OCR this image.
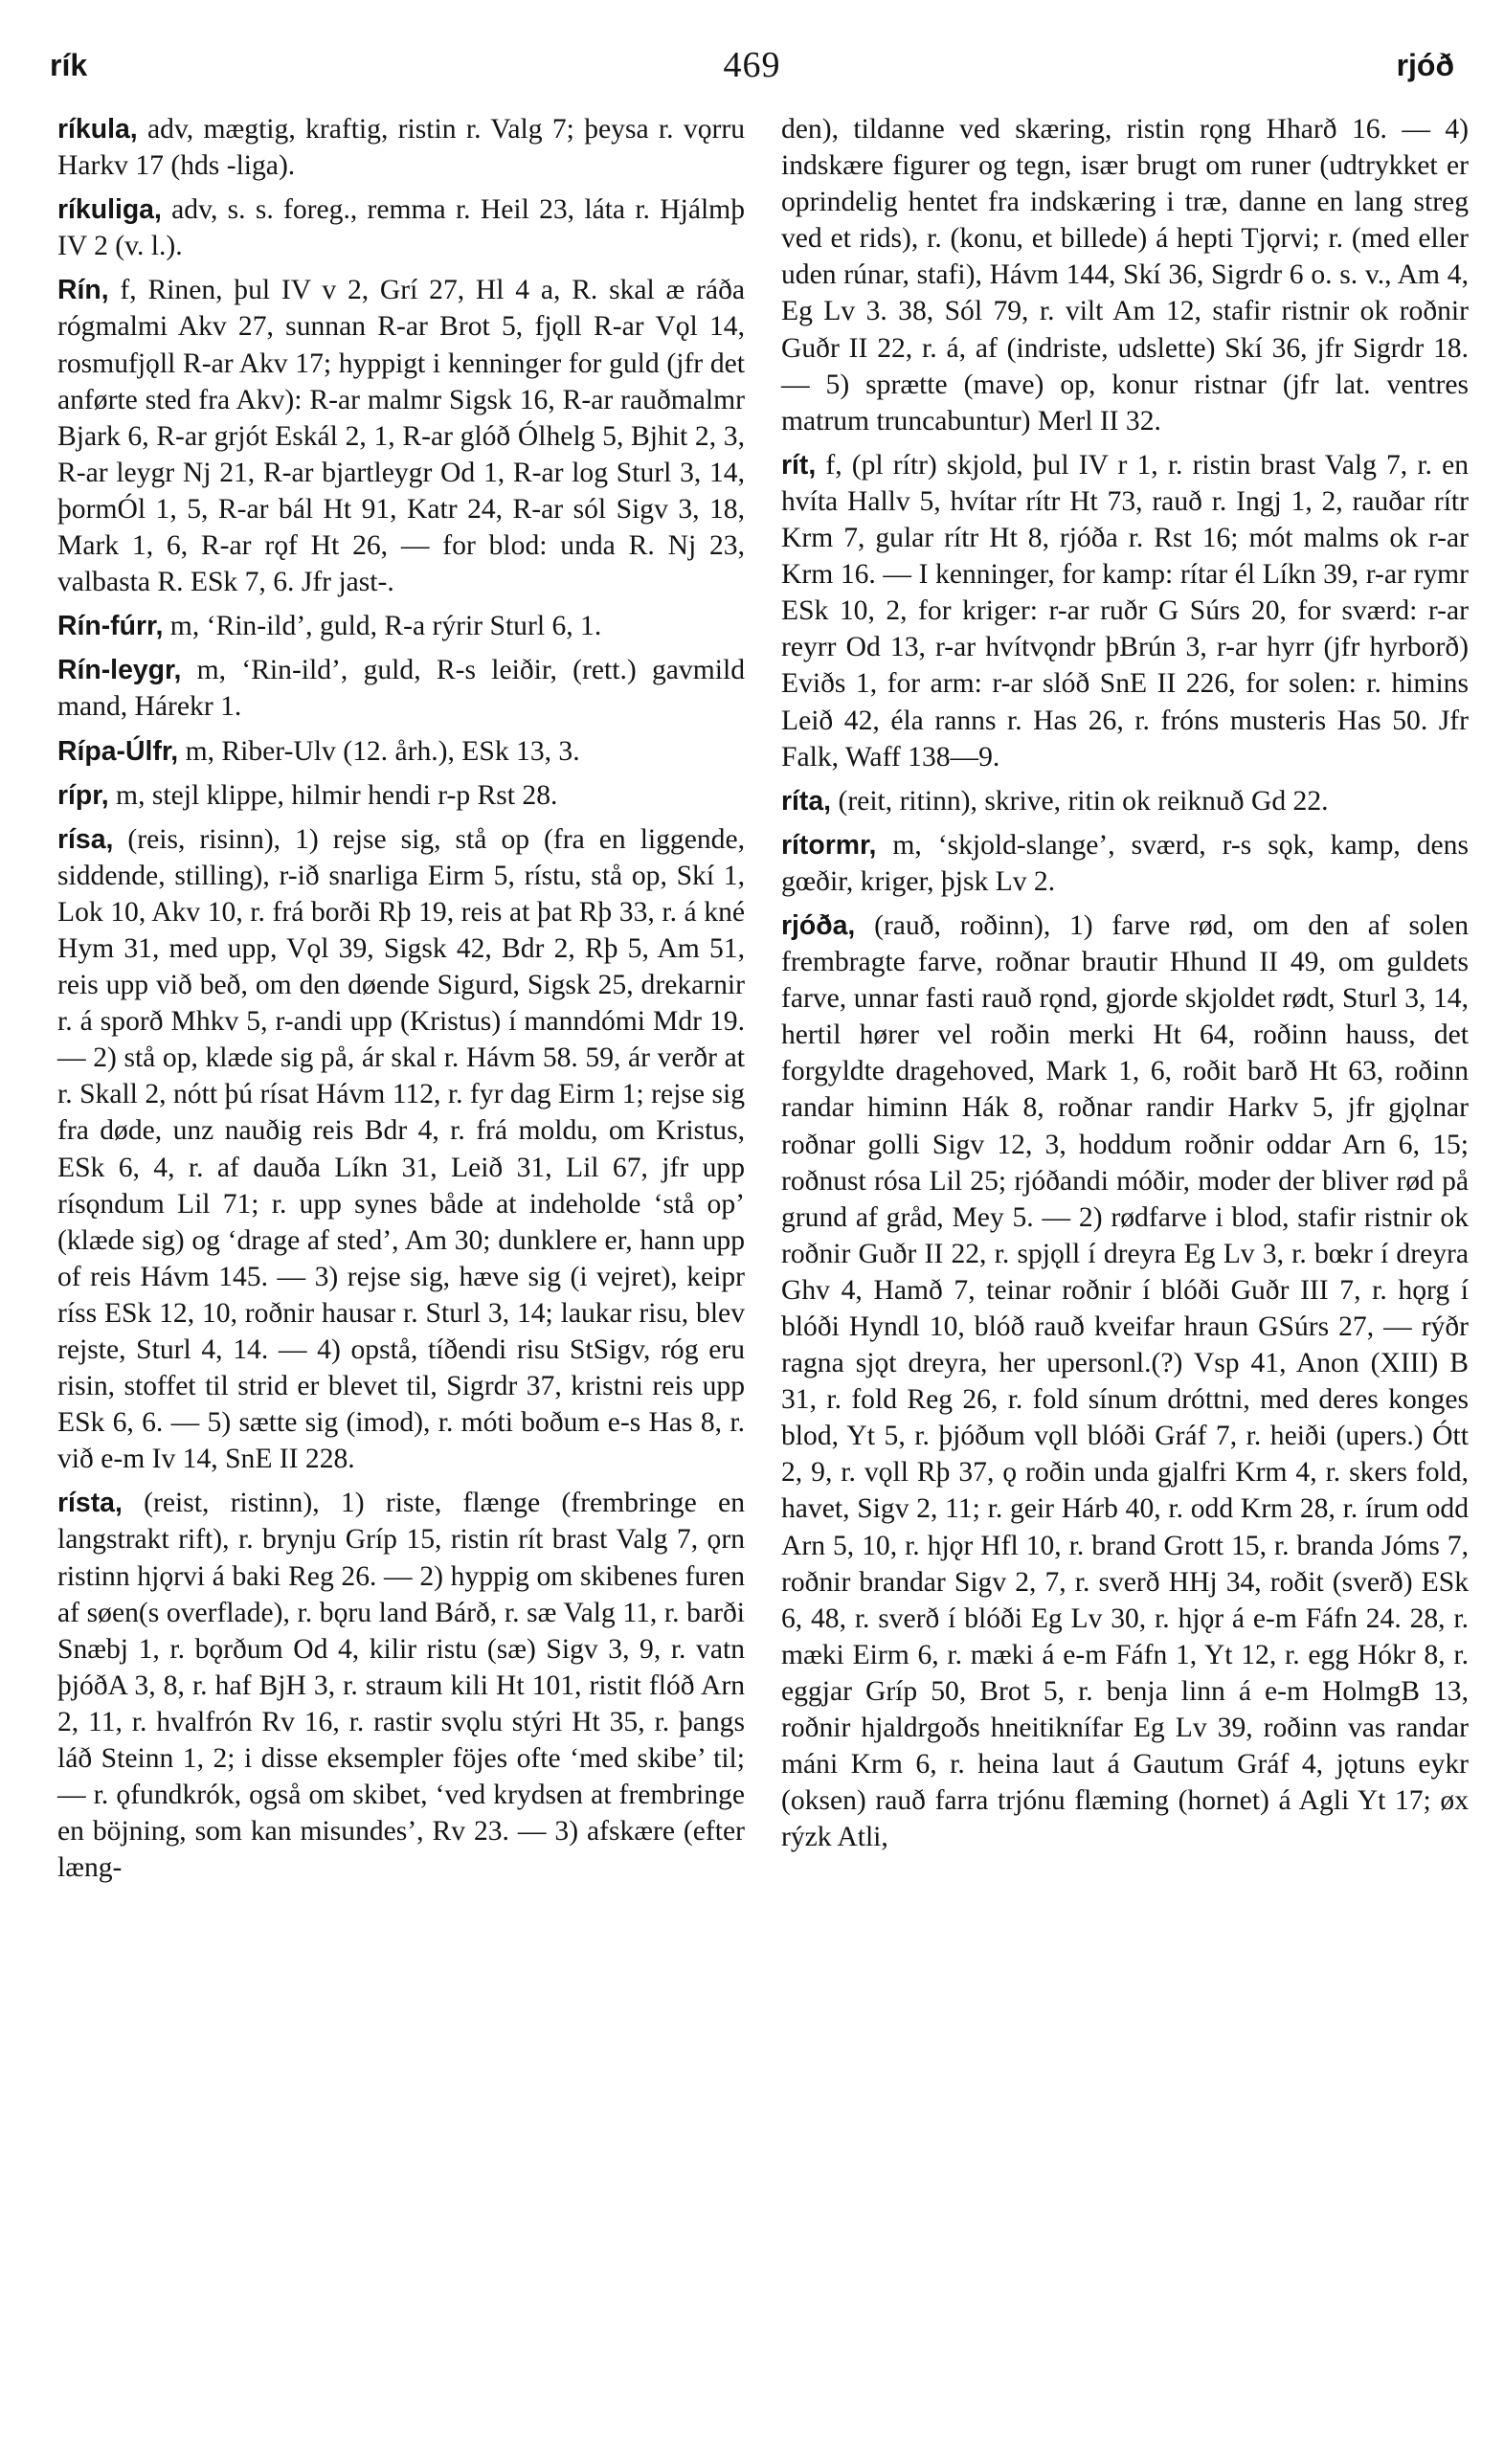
rík	469	rjóð

ríkula, adv, mægtig, kraftig, ristin r. Valg 7; þeysa r. vǫrru Harkv 17 (hds -liga).

ríkuliga, adv, s. s. foreg., remma r. Heil 23, láta r. Hjálmþ IV 2 (v. l.).

Rín, f, Rinen, þul IV v 2, Grí 27, Hl 4 a, R. skal æ ráða rógmalmi Akv 27, sunnan R-ar Brot 5, fjǫll R-ar Vǫl 14, rosmufjǫll R-ar Akv 17; hyppigt i kenninger for guld (jfr det anførte sted fra Akv): R-ar malmr Sigsk 16, R-ar rauðmalmr Bjark 6, R-ar grjót Eskál 2, 1, R-ar glóð Ólhelg 5, Bjhit 2, 3, R-ar leygr Nj 21, R-ar bjartleygr Od 1, R-ar log Sturl 3, 14, þormÓl 1, 5, R-ar bál Ht 91, Katr 24, R-ar sól Sigv 3, 18, Mark 1, 6, R-ar rǫf Ht 26, — for blod: unda R. Nj 23, valbasta R. ESk 7, 6. Jfr jast-.

Rín-fúrr, m, ‘Rin-ild’, guld, R-a rýrir Sturl 6, 1.

Rín-leygr, m, ‘Rin-ild’, guld, R-s leiðir, (rett.) gavmild mand, Hárekr 1.

Rípa-Úlfr, m, Riber-Ulv (12. årh.), ESk 13, 3.

rípr, m, stejl klippe, hilmir hendi r-p Rst 28.

rísa, (reis, risinn), 1) rejse sig, stå op (fra en liggende, siddende, stilling), r-ið snarliga Eirm 5, rístu, stå op, Skí 1, Lok 10, Akv 10, r. frá borði Rþ 19, reis at þat Rþ 33, r. á kné Hym 31, med upp, Vǫl 39, Sigsk 42, Bdr 2, Rþ 5, Am 51, reis upp við beð, om den døende Sigurd, Sigsk 25, drekarnir r. á sporð Mhkv 5, r-andi upp (Kristus) í manndómi Mdr 19. — 2) stå op, klæde sig på, ár skal r. Hávm 58. 59, ár verðr at r. Skall 2, nótt þú rísat Hávm 112, r. fyr dag Eirm 1; rejse sig fra døde, unz nauðig reis Bdr 4, r. frá moldu, om Kristus, ESk 6, 4, r. af dauða Líkn 31, Leið 31, Lil 67, jfr upp rísǫndum Lil 71; r. upp synes både at indeholde ‘stå op’ (klæde sig) og ‘drage af sted’, Am 30; dunklere er, hann upp of reis Hávm 145. — 3) rejse sig, hæve sig (i vejret), keipr ríss ESk 12, 10, roðnir hausar r. Sturl 3, 14; laukar risu, blev rejste, Sturl 4, 14. — 4) opstå, tíðendi risu StSigv, róg eru risin, stoffet til strid er blevet til, Sigrdr 37, kristni reis upp ESk 6, 6. — 5) sætte sig (imod), r. móti boðum e-s Has 8, r. við e-m Iv 14, SnE II 228.

rísta, (reist, ristinn), 1) riste, flænge (frembringe en langstrakt rift), r. brynju Gríp 15, ristin rít brast Valg 7, ǫrn ristinn hjǫrvi á baki Reg 26. — 2) hyppig om skibenes furen af søen(s overflade), r. bǫru land Bárð, r. sæ Valg 11, r. barði Snæbj 1, r. bǫrðum Od 4, kilir ristu (sæ) Sigv 3, 9, r. vatn þjóðA 3, 8, r. haf BjH 3, r. straum kili Ht 101, ristit flóð Arn 2, 11, r. hvalfrón Rv 16, r. rastir svǫlu stýri Ht 35, r. þangs láð Steinn 1, 2; i disse eksempler föjes ofte ‘med skibe’ til; — r. ǫfundkrók, også om skibet, ‘ved krydsen at frembringe en böjning, som kan misundes’, Rv 23. — 3) afskære (efter læng-

den), tildanne ved skæring, ristin rǫng Hharð 16. — 4) indskære figurer og tegn, især brugt om runer (udtrykket er oprindelig hentet fra indskæring i træ, danne en lang streg ved et rids), r. (konu, et billede) á hepti Tjǫrvi; r. (med eller uden rúnar, stafi), Hávm 144, Skí 36, Sigrdr 6 o. s. v., Am 4, Eg Lv 3. 38, Sól 79, r. vilt Am 12, stafir ristnir ok roðnir Guðr II 22, r. á, af (indriste, udslette) Skí 36, jfr Sigrdr 18. — 5) sprætte (mave) op, konur ristnar (jfr lat. ventres matrum truncabuntur) Merl II 32.

rít, f, (pl rítr) skjold, þul IV r 1, r. ristin brast Valg 7, r. en hvíta Hallv 5, hvítar rítr Ht 73, rauð r. Ingj 1, 2, rauðar rítr Krm 7, gular rítr Ht 8, rjóða r. Rst 16; mót malms ok r-ar Krm 16. — I kenninger, for kamp: rítar él Líkn 39, r-ar rymr ESk 10, 2, for kriger: r-ar ruðr G Súrs 20, for sværd: r-ar reyrr Od 13, r-ar hvítvǫndr þBrún 3, r-ar hyrr (jfr hyrborð) Eviðs 1, for arm: r-ar slóð SnE II 226, for solen: r. himins Leið 42, éla ranns r. Has 26, r. fróns musteris Has 50. Jfr Falk, Waff 138—9.

ríta, (reit, ritinn), skrive, ritin ok reiknuð Gd 22.

rítormr, m, ‘skjold-slange’, sværd, r-s sǫk, kamp, dens gœðir, kriger, þjsk Lv 2.

rjóða, (rauð, roðinn), 1) farve rød, om den af solen frembragte farve, roðnar brautir Hhund II 49, om guldets farve, unnar fasti rauð rǫnd, gjorde skjoldet rødt, Sturl 3, 14, hertil hører vel roðin merki Ht 64, roðinn hauss, det forgyldte dragehoved, Mark 1, 6, roðit barð Ht 63, roðinn randar himinn Hák 8, roðnar randir Harkv 5, jfr gjǫlnar roðnar golli Sigv 12, 3, hoddum roðnir oddar Arn 6, 15; roðnust rósa Lil 25; rjóðandi móðir, moder der bliver rød på grund af gråd, Mey 5. — 2) rødfarve i blod, stafir ristnir ok roðnir Guðr II 22, r. spjǫll í dreyra Eg Lv 3, r. bœkr í dreyra Ghv 4, Hamð 7, teinar roðnir í blóði Guðr III 7, r. hǫrg í blóði Hyndl 10, blóð rauð kveifar hraun GSúrs 27, — rýðr ragna sjǫt dreyra, her upersonl.(?) Vsp 41, Anon (XIII) B 31, r. fold Reg 26, r. fold sínum dróttni, med deres konges blod, Yt 5, r. þjóðum vǫll blóði Gráf 7, r. heiði (upers.) Ótt 2, 9, r. vǫll Rþ 37, ǫ roðin unda gjalfri Krm 4, r. skers fold, havet, Sigv 2, 11; r. geir Hárb 40, r. odd Krm 28, r. írum odd Arn 5, 10, r. hjǫr Hfl 10, r. brand Grott 15, r. branda Jóms 7, roðnir brandar Sigv 2, 7, r. sverð HHj 34, roðit (sverð) ESk 6, 48, r. sverð í blóði Eg Lv 30, r. hjǫr á e-m Fáfn 24. 28, r. mæki Eirm 6, r. mæki á e-m Fáfn 1, Yt 12, r. egg Hókr 8, r. eggjar Gríp 50, Brot 5, r. benja linn á e-m HolmgB 13, roðnir hjaldrgoðs hneitiknífar Eg Lv 39, roðinn vas randar máni Krm 6, r. heina laut á Gautum Gráf 4, jǫtuns eykr (oksen) rauð farra trjónu flæming (hornet) á Agli Yt 17; øx rýzk Atli,
